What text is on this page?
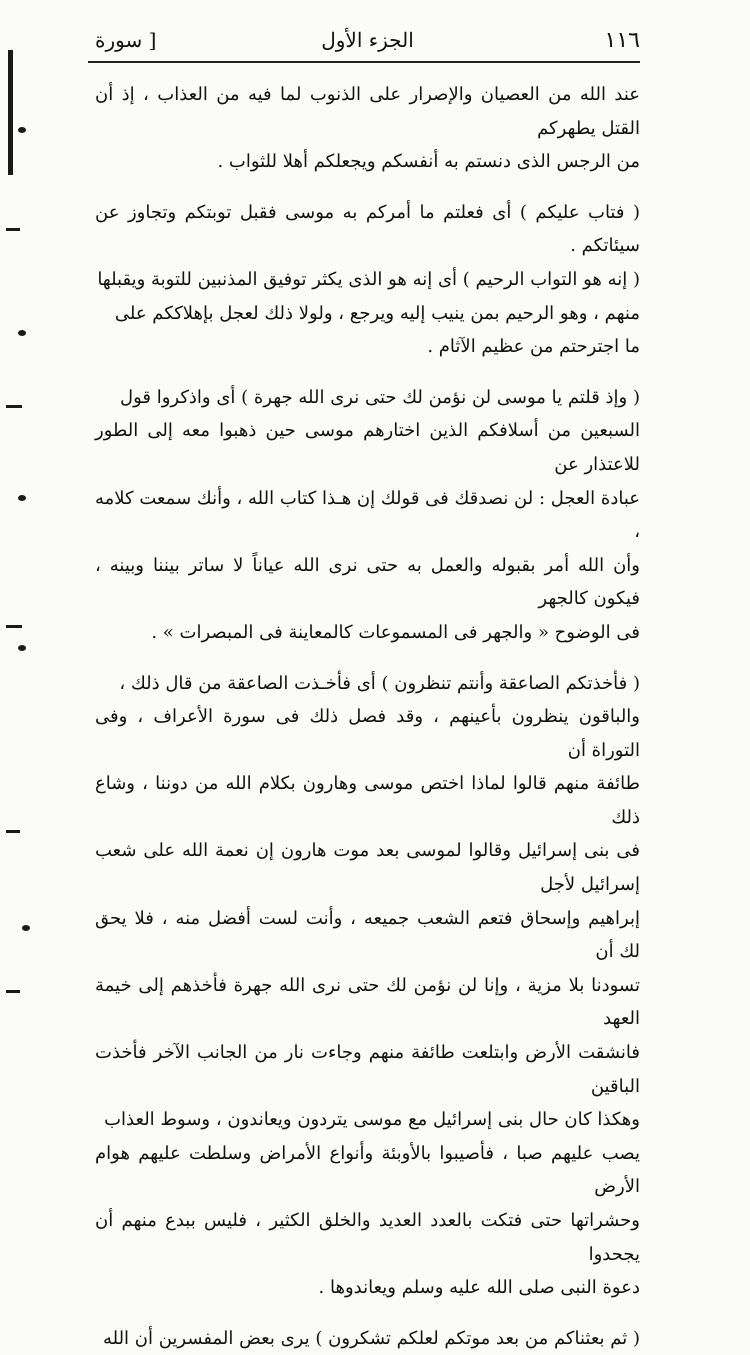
١١٦
الجزء الأول
[ سورة

عند الله من العصيان والإصرار على الذنوب لما فيه من العذاب ، إذ أن القتل يطهركم
من الرجس الذى دنستم به أنفسكم ويجعلكم أهلا للثواب .

( فتاب عليكم ) أى فعلتم ما أمركم به موسى فقبل توبتكم وتجاوز عن سيئاتكم .

( إنه هو التواب الرحيم ) أى إنه هو الذى يكثر توفيق المذنبين للتوبة ويقبلها
منهم ، وهو الرحيم بمن ينيب إليه ويرجع ، ولولا ذلك لعجل بإهلاككم على
ما اجترحتم من عظيم الآثام .

( وإذ قلتم يا موسى لن نؤمن لك حتى نرى الله جهرة ) أى واذكروا قول
السبعين من أسلافكم الذين اختارهم موسى حين ذهبوا معه إلى الطور للاعتذار عن
عبادة العجل : لن نصدقك فى قولك إن هـذا كتاب الله ، وأنك سمعت كلامه ،
وأن الله أمر بقبوله والعمل به حتى نرى الله عياناً لا ساتر بيننا وبينه ، فيكون كالجهر
فى الوضوح « والجهر فى المسموعات كالمعاينة فى المبصرات » .

( فأخذتكم الصاعقة وأنتم تنظرون ) أى فأخـذت الصاعقة من قال ذلك ،
والباقون ينظرون بأعينهم ، وقد فصل ذلك فى سورة الأعراف ، وفى التوراة أن
طائفة منهم قالوا لماذا اختص موسى وهارون بكلام الله من دوننا ، وشاع ذلك
فى بنى إسرائيل وقالوا لموسى بعد موت هارون إن نعمة الله على شعب إسرائيل لأجل
إبراهيم وإسحاق فتعم الشعب جميعه ، وأنت لست أفضل منه ، فلا يحق لك أن
تسودنا بلا مزية ، وإنا لن نؤمن لك حتى نرى الله جهرة فأخذهم إلى خيمة العهد
فانشقت الأرض وابتلعت طائفة منهم وجاءت نار من الجانب الآخر فأخذت الباقين

وهكذا كان حال بنى إسرائيل مع موسى يتردون ويعاندون ، وسوط العذاب
يصب عليهم صبا ، فأصيبوا بالأوبئة وأنواع الأمراض وسلطت عليهم هوام الأرض
وحشراتها حتى فتكت بالعدد العديد والخلق الكثير ، فليس ببدع منهم أن يجحدوا
دعوة النبى صلى الله عليه وسلم ويعاندوها .

( ثم بعثناكم من بعد موتكم لعلكم تشكرون ) يرى بعض المفسرين أن الله
